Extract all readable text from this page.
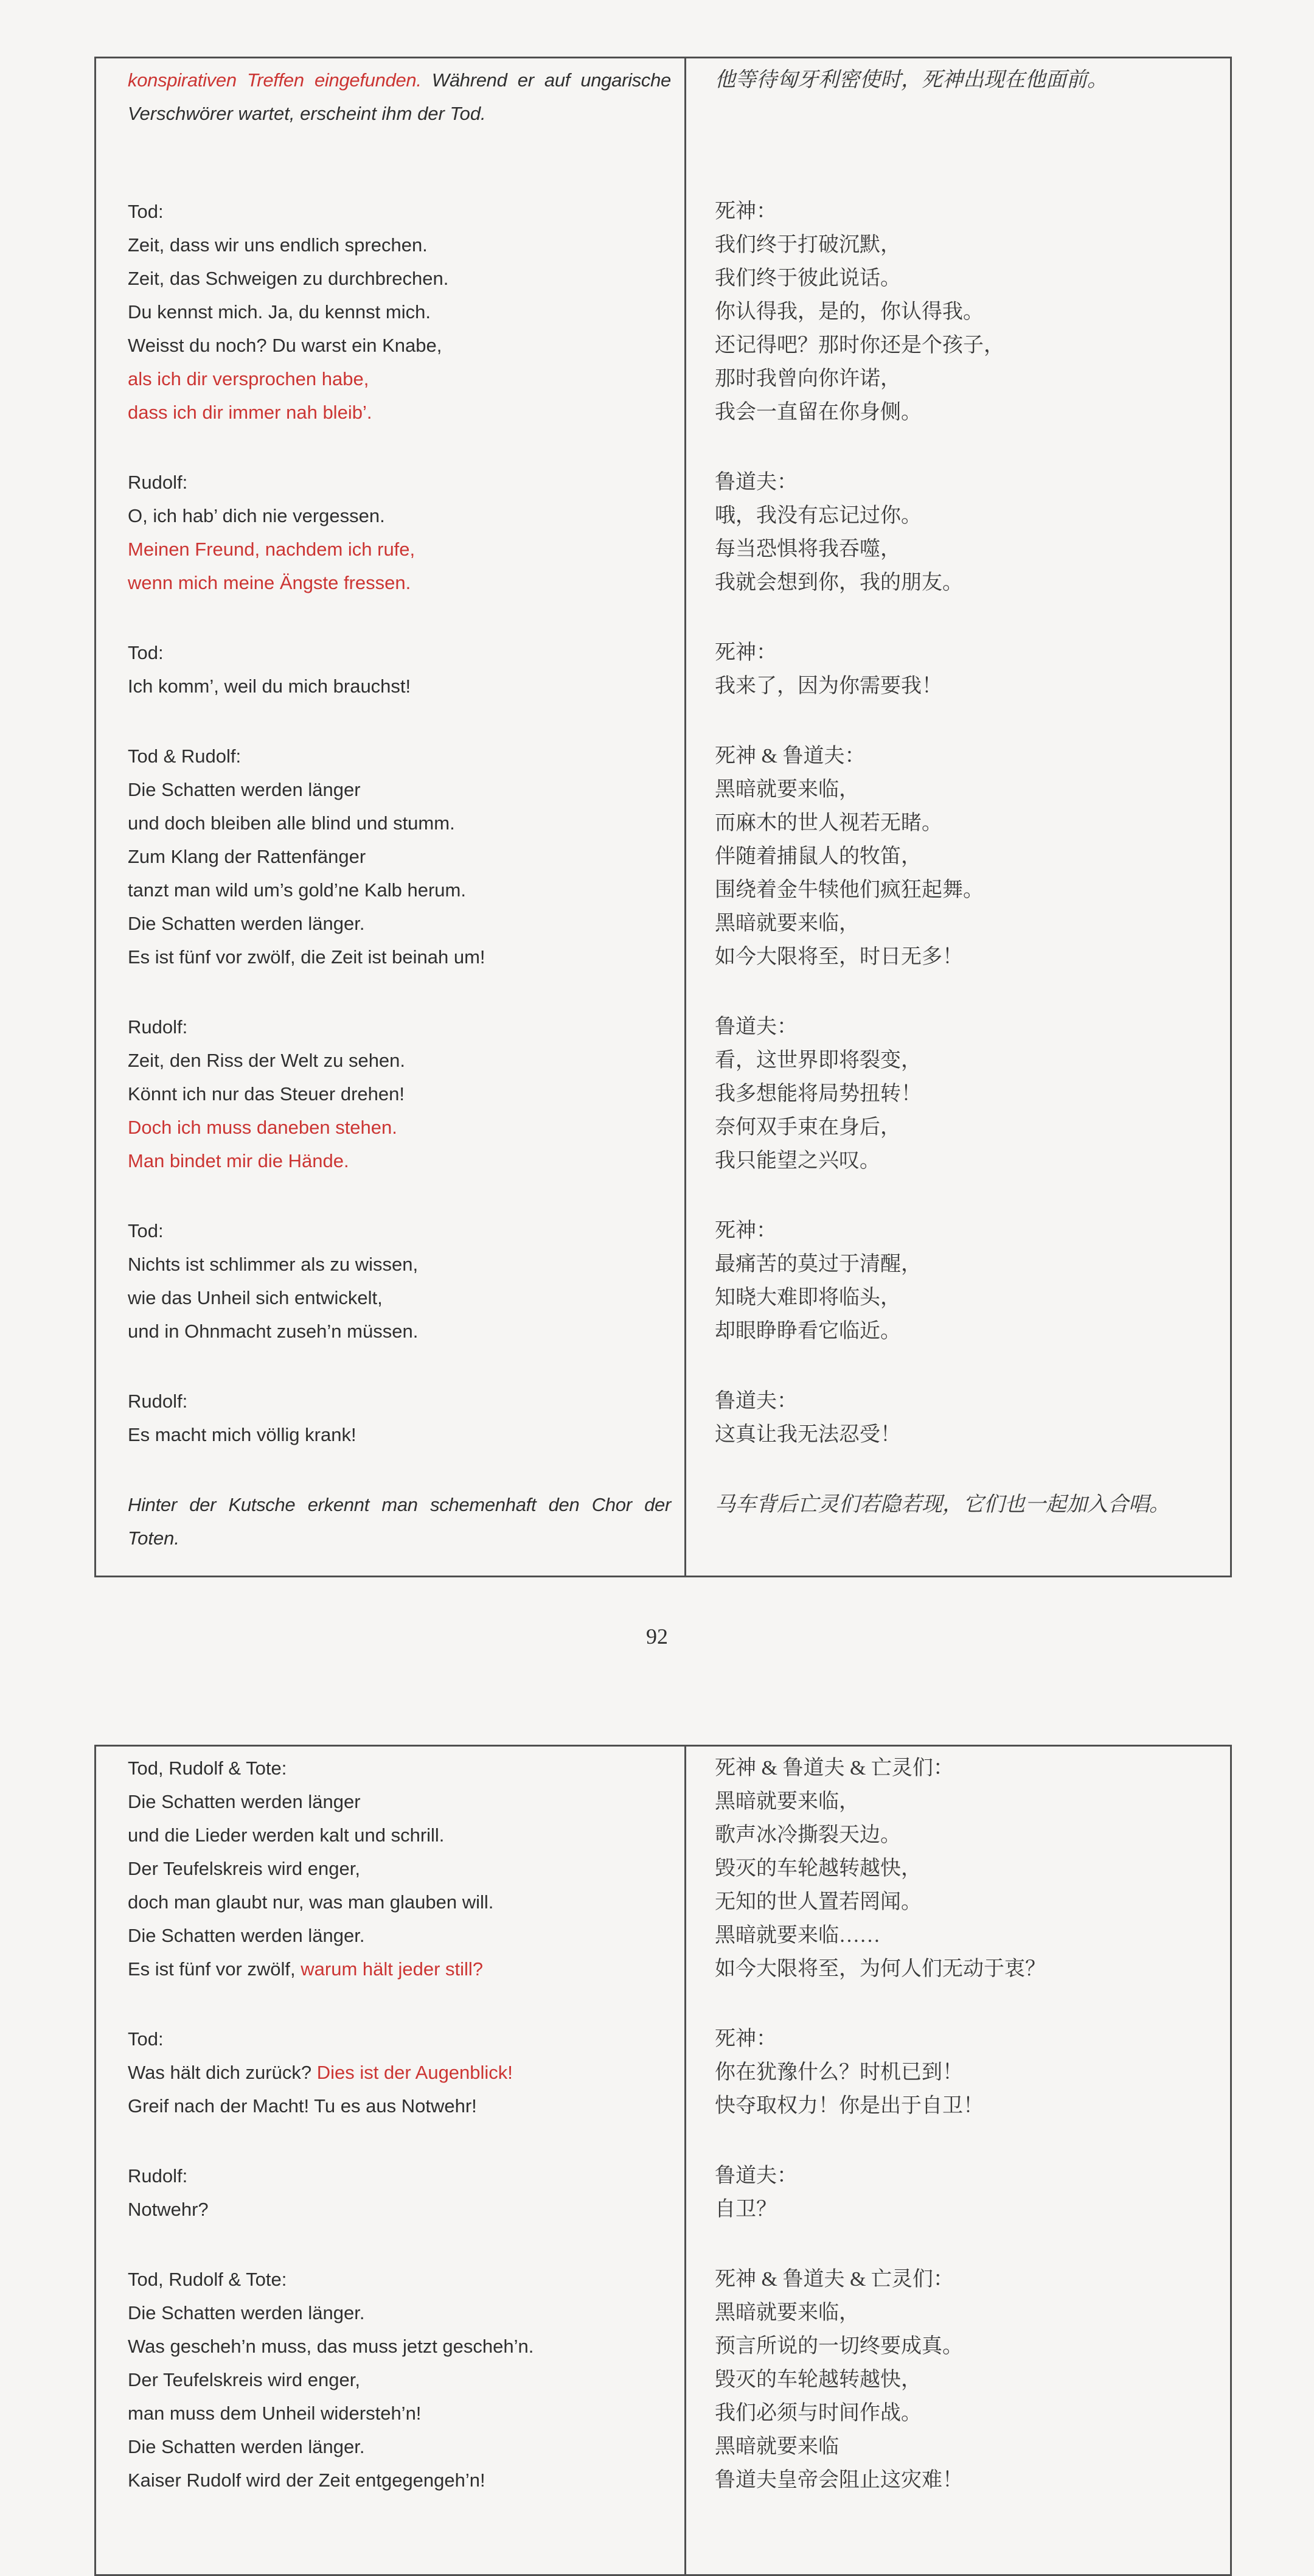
konspirativen Treffen eingefunden. Während er auf ungarische
Verschwörer wartet, erscheint ihm der Tod.
他等待匈牙利密使时，死神出现在他面前。
Tod:
Zeit, dass wir uns endlich sprechen.
Zeit, das Schweigen zu durchbrechen.
Du kennst mich. Ja, du kennst mich.
Weisst du noch? Du warst ein Knabe,
als ich dir versprochen habe,
dass ich dir immer nah bleib’.
死神：
我们终于打破沉默，
我们终于彼此说话。
你认得我，是的，你认得我。
还记得吧？那时你还是个孩子，
那时我曾向你许诺，
我会一直留在你身侧。
Rudolf:
O, ich hab’ dich nie vergessen.
Meinen Freund, nachdem ich rufe,
wenn mich meine Ängste fressen.
鲁道夫：
哦，我没有忘记过你。
每当恐惧将我吞噬，
我就会想到你，我的朋友。
Tod:
Ich komm’, weil du mich brauchst!
死神：
我来了，因为你需要我！
Tod & Rudolf:
Die Schatten werden länger
und doch bleiben alle blind und stumm.
Zum Klang der Rattenfänger
tanzt man wild um’s gold’ne Kalb herum.
Die Schatten werden länger.
Es ist fünf vor zwölf, die Zeit ist beinah um!
死神 & 鲁道夫：
黑暗就要来临，
而麻木的世人视若无睹。
伴随着捕鼠人的牧笛，
围绕着金牛犊他们疯狂起舞。
黑暗就要来临，
如今大限将至，时日无多！
Rudolf:
Zeit, den Riss der Welt zu sehen.
Könnt ich nur das Steuer drehen!
Doch ich muss daneben stehen.
Man bindet mir die Hände.
鲁道夫：
看，这世界即将裂变，
我多想能将局势扭转！
奈何双手束在身后，
我只能望之兴叹。
Tod:
Nichts ist schlimmer als zu wissen,
wie das Unheil sich entwickelt,
und in Ohnmacht zuseh’n müssen.
死神：
最痛苦的莫过于清醒，
知晓大难即将临头，
却眼睁睁看它临近。
Rudolf:
Es macht mich völlig krank!
鲁道夫：
这真让我无法忍受！
Hinter der Kutsche erkennt man schemenhaft den Chor der
Toten.
马车背后亡灵们若隐若现，它们也一起加入合唱。
92
Tod, Rudolf & Tote:
Die Schatten werden länger
und die Lieder werden kalt und schrill.
Der Teufelskreis wird enger,
doch man glaubt nur, was man glauben will.
Die Schatten werden länger.
Es ist fünf vor zwölf, warum hält jeder still?
死神 & 鲁道夫 & 亡灵们：
黑暗就要来临，
歌声冰冷撕裂天边。
毁灭的车轮越转越快，
无知的世人置若罔闻。
黑暗就要来临……
如今大限将至，为何人们无动于衷？
Tod:
Was hält dich zurück? Dies ist der Augenblick!
Greif nach der Macht! Tu es aus Notwehr!
死神：
你在犹豫什么？时机已到！
快夺取权力！你是出于自卫！
Rudolf:
Notwehr?
鲁道夫：
自卫？
Tod, Rudolf & Tote:
Die Schatten werden länger.
Was gescheh’n muss, das muss jetzt gescheh’n.
Der Teufelskreis wird enger,
man muss dem Unheil widersteh’n!
Die Schatten werden länger.
Kaiser Rudolf wird der Zeit entgegengeh’n!
死神 & 鲁道夫 & 亡灵们：
黑暗就要来临，
预言所说的一切终要成真。
毁灭的车轮越转越快，
我们必须与时间作战。
黑暗就要来临
鲁道夫皇帝会阻止这灾难！
